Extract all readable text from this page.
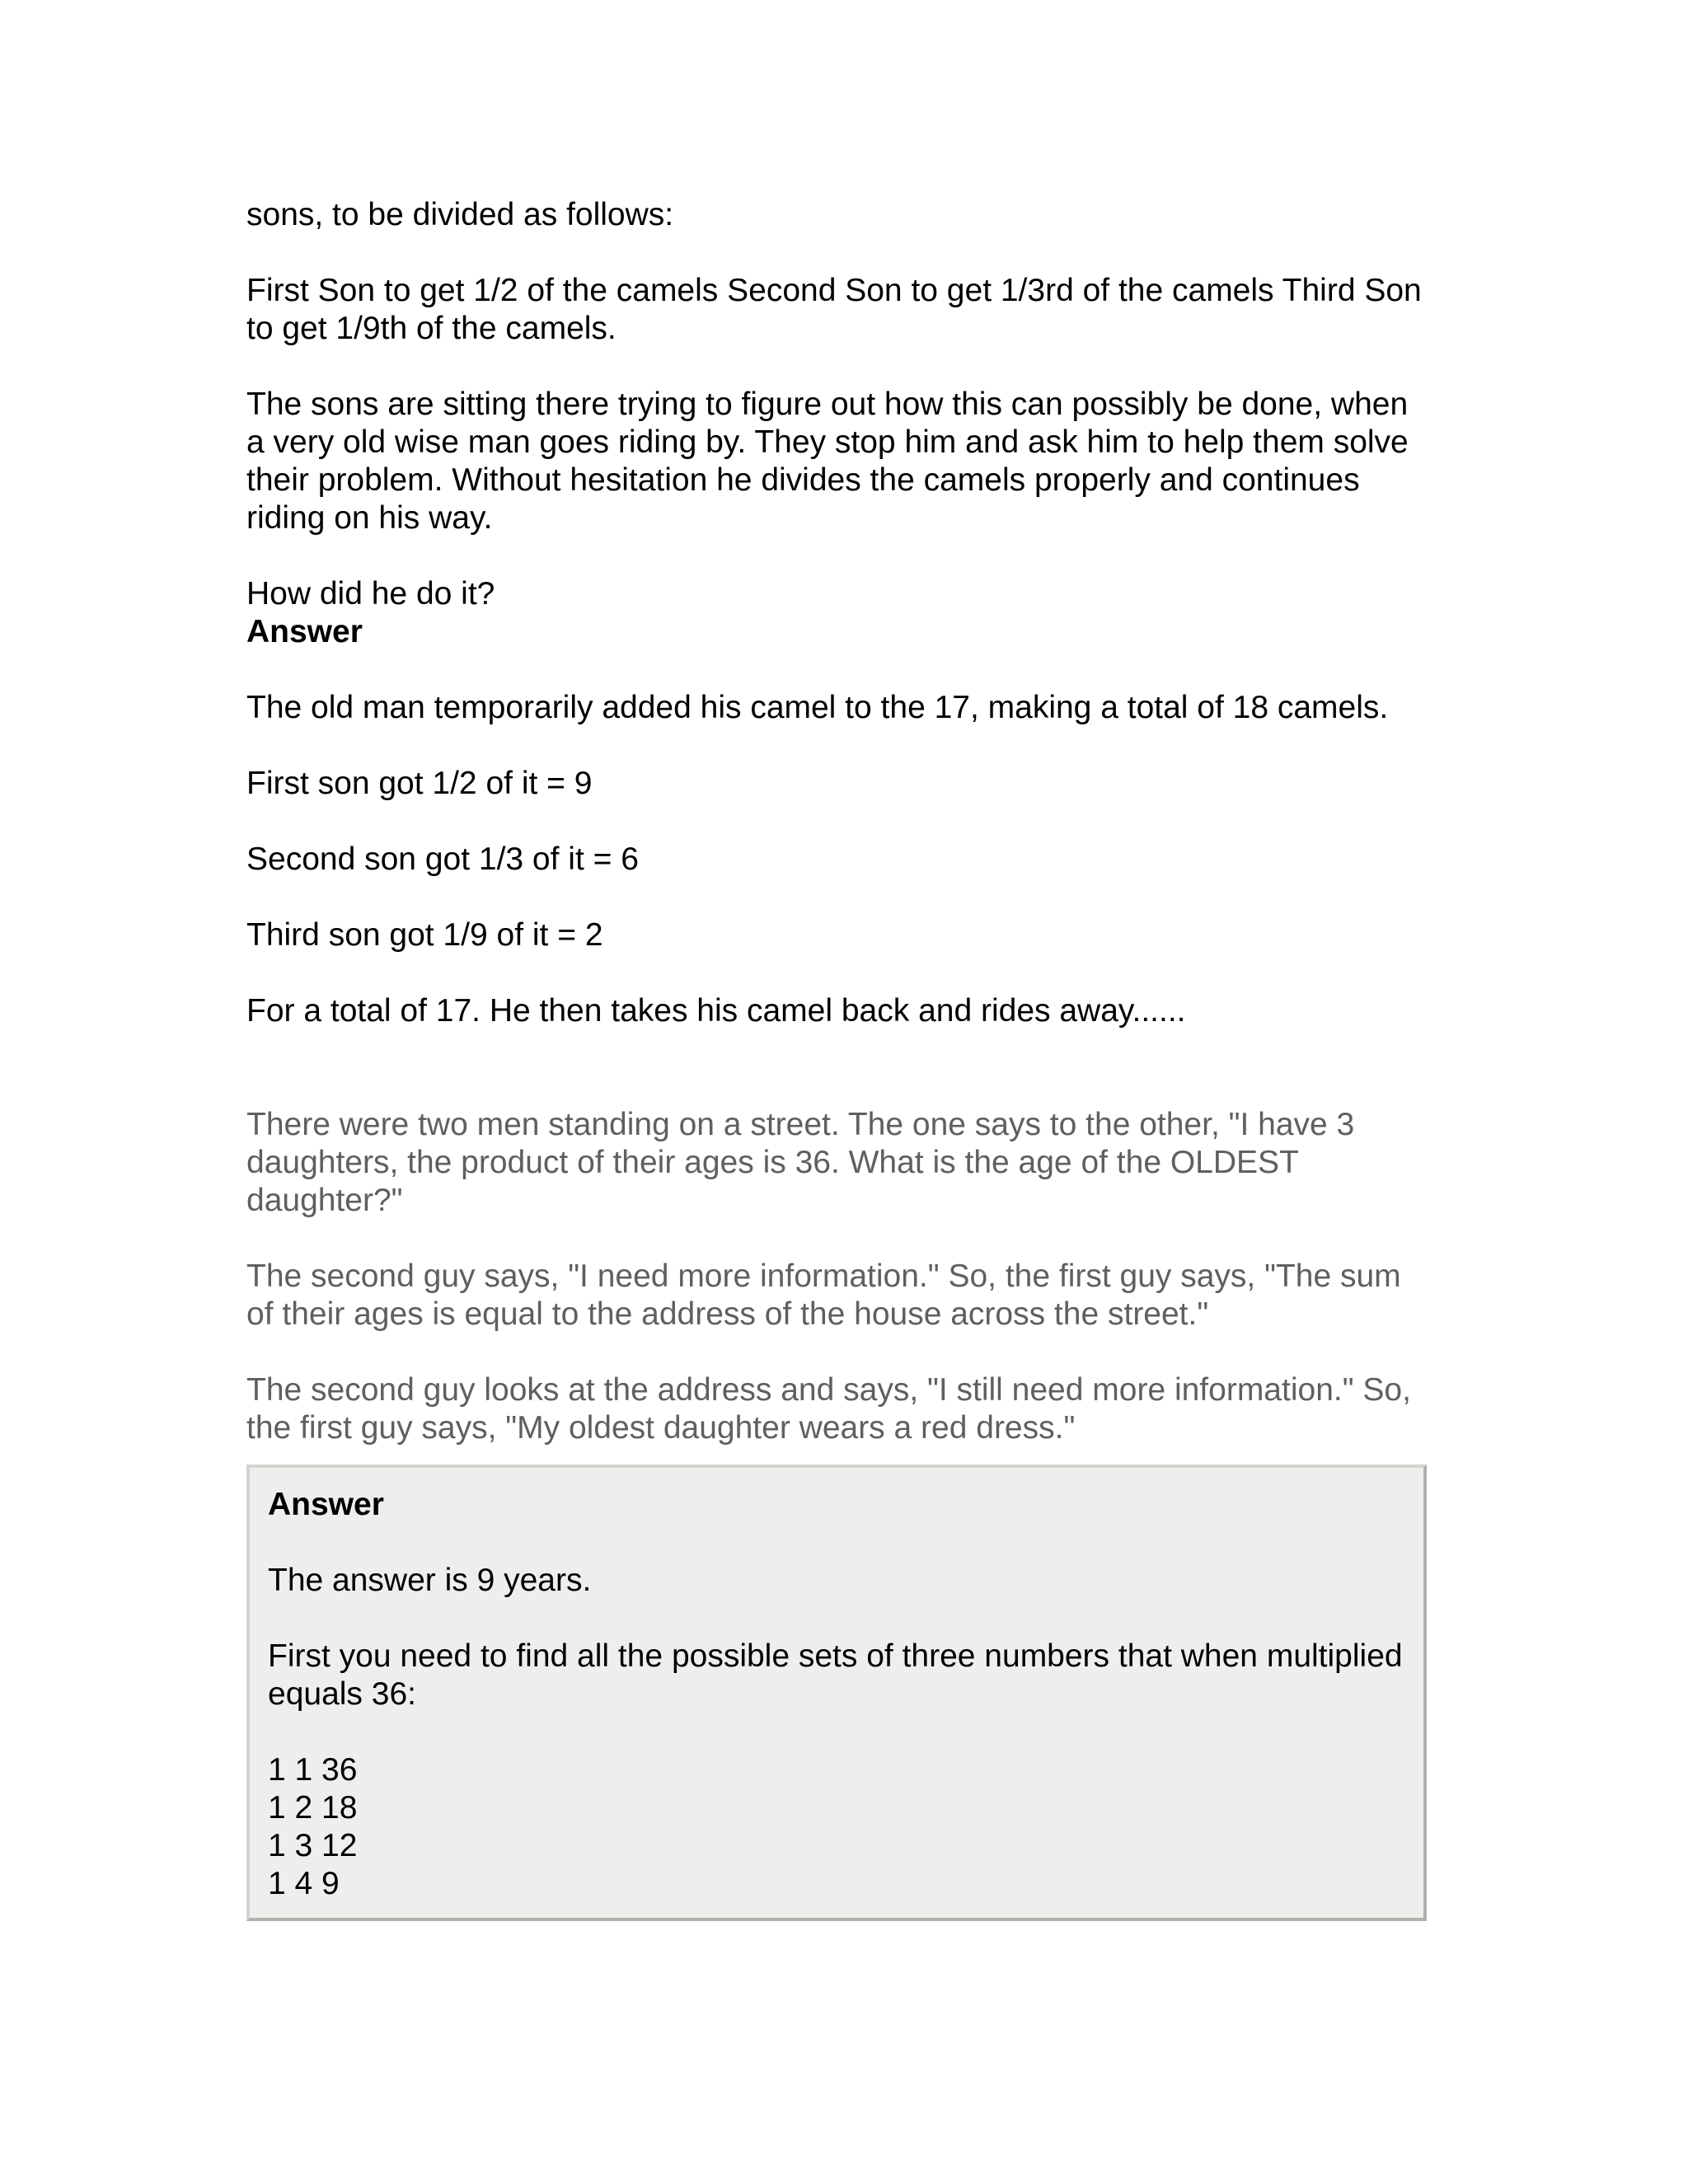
sons, to be divided as follows:

First Son to get 1/2 of the camels Second Son to get 1/3rd of the camels Third Son to get 1/9th of the camels.

The sons are sitting there trying to figure out how this can possibly be done, when a very old wise man goes riding by. They stop him and ask him to help them solve their problem. Without hesitation he divides the camels properly and continues riding on his way.

How did he do it?

Answer

The old man temporarily added his camel to the 17, making a total of 18 camels.

First son got 1/2 of it = 9

Second son got 1/3 of it = 6

Third son got 1/9 of it = 2

For a total of 17. He then takes his camel back and rides away......

There were two men standing on a street. The one says to the other, "I have 3 daughters, the product of their ages is 36. What is the age of the OLDEST daughter?"

The second guy says, "I need more information." So, the first guy says, "The sum of their ages is equal to the address of the house across the street."

The second guy looks at the address and says, "I still need more information." So, the first guy says, "My oldest daughter wears a red dress."

Answer

The answer is 9 years.

First you need to find all the possible sets of three numbers that when multiplied equals 36:

1 1 36

1 2 18

1 3 12

1 4 9
